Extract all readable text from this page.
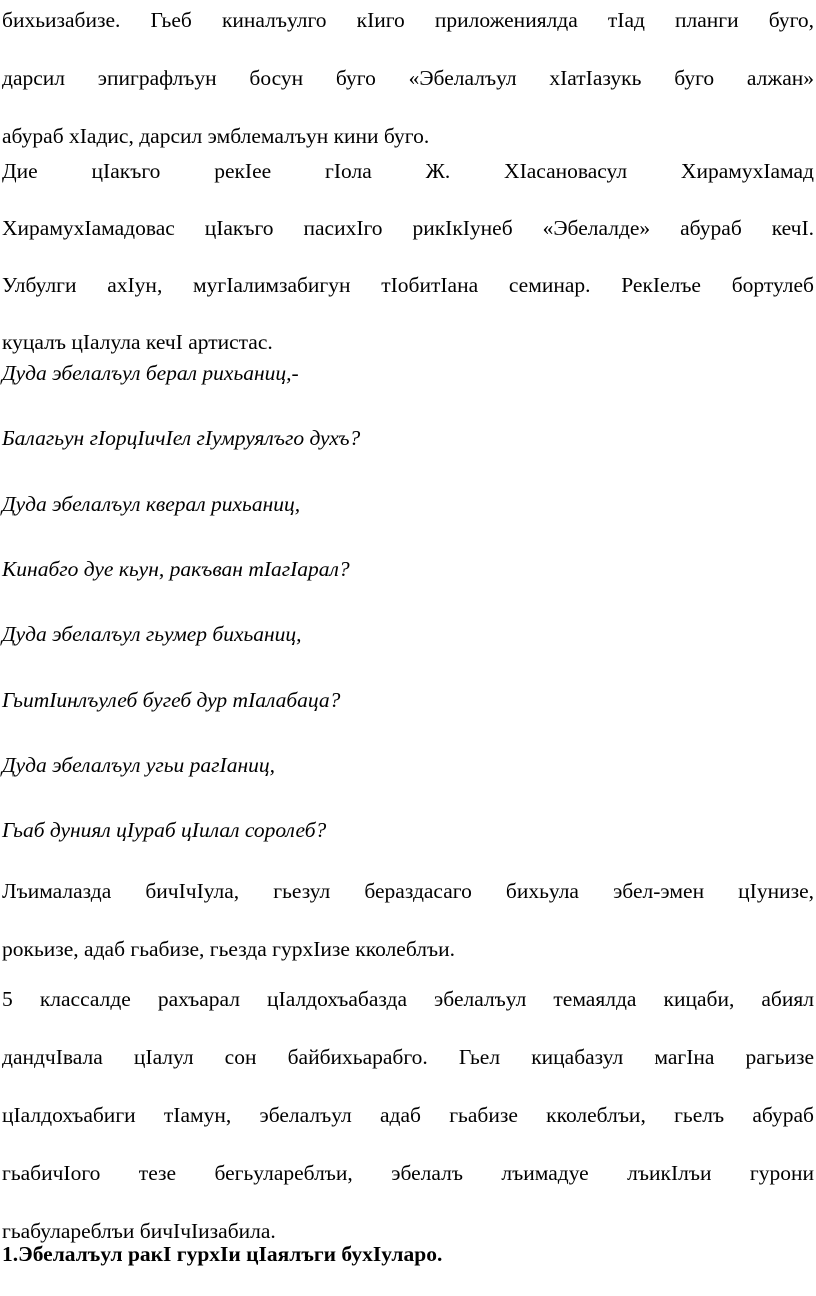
бихьизабизе. Гьеб киналъулго кIиго приложениялда тIад планги буго,
дарсил эпиграфлъун босун буго «Эбелалъул хIатIазукь буго алжан»
абураб хIадис, дарсил эмблемалъун кини буго.
Дие цIакъго рекIее гIола Ж. ХIасановасул ХирамухIамад
ХирамухIамадовас цIакъго пасихIго рикIкIунеб «Эбелалде» абураб кечI.
Улбулги ахIун, мугIалимзабигун тIобитIана семинар. РекIелъе бортулеб
куцалъ цIалула кечI артистас.

Дуда эбелалъул берал рихьаниц,-

Балагьун гIорцIичIел гIумруялъго духъ?

Дуда эбелалъул кверал рихьаниц,

Кинабго дуе кьун, ракъван тIагIарал?

Дуда эбелалъул гьумер бихьаниц,

ГьитIинлъулеб бугеб дур тIалабаца?

Дуда эбелалъул угьи рагIаниц,

Гьаб дуниял цIураб цIилал соролеб?

Лъималазда бичIчIула, гьезул бераздасаго бихьула эбел-эмен цIунизе,
рокьизе, адаб гьабизе, гьезда гурхIизе кколеблъи.
5 классалде рахъарал цIалдохъабазда эбелалъул темаялда кицаби, абиял
дандчIвала цIалул сон байбихьарабго. Гьел кицабазул магIна рагьизе
цIалдохъабиги тIамун, эбелалъул адаб гьабизе кколеблъи, гьелъ абураб
гьабичIого тезе бегьулареблъи, эбелалъ лъимадуе лъикIлъи гурони
гьабулареблъи бичIчIизабила.

1.Эбелалъул ракI гурхIи цIаялъги бухIуларо.
